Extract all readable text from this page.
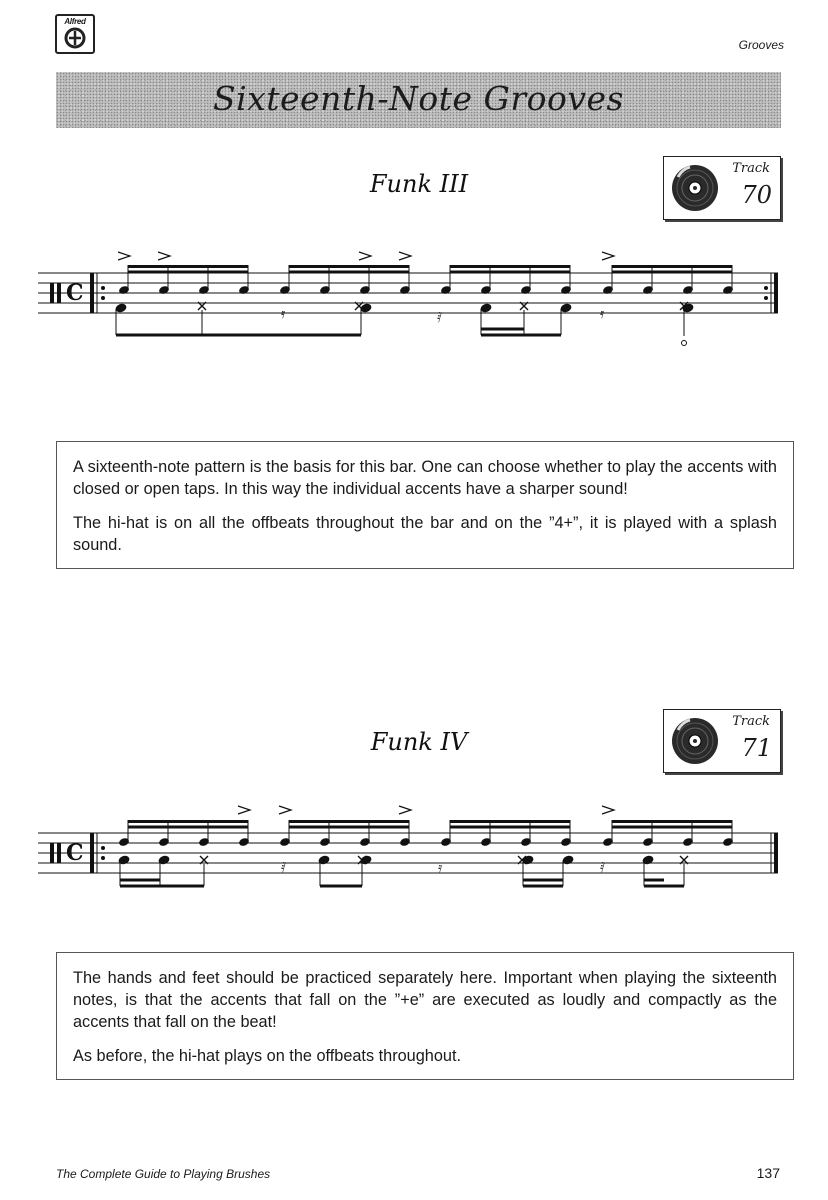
Alfred
Grooves
Sixteenth-Note Grooves
Funk III
Track
70
C
𝄿	𝅀	𝄿

A sixteenth-note pattern is the basis for this bar. One can choose whether to play the accents with closed or open taps. In this way the individual accents have a sharper sound!

The hi-hat is on all the offbeats throughout the bar and on the ”4+”, it is played with a splash sound.

Funk IV
Track
71
C
𝅀	𝄿	𝅀

The hands and feet should be practiced separately here. Important when playing the sixteenth notes, is that the accents that fall on the ”+e” are executed as loudly and compactly as the accents that fall on the beat!

As before, the hi-hat plays on the offbeats throughout.

The Complete Guide to Playing Brushes	137
